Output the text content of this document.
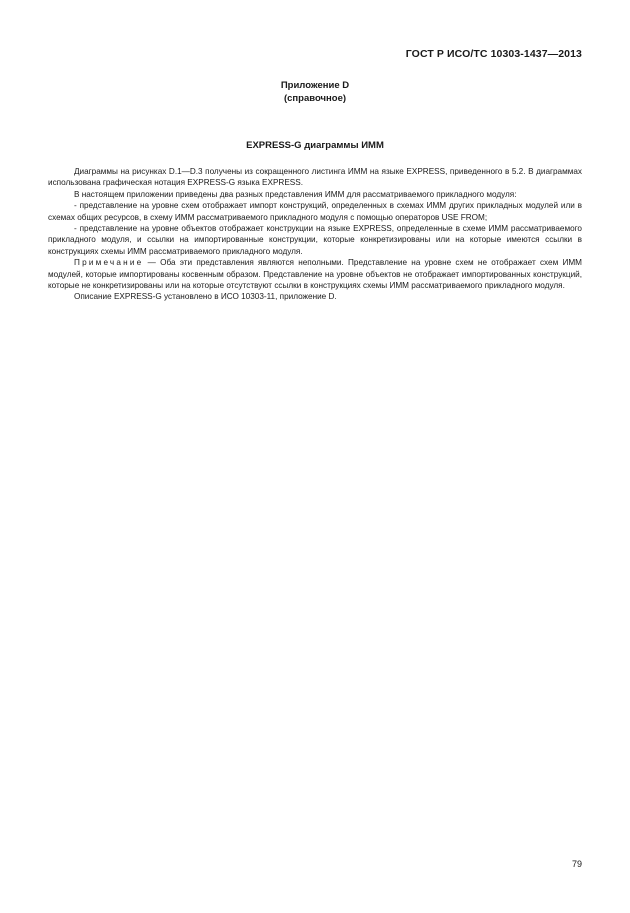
ГОСТ Р ИСО/ТС 10303-1437—2013
Приложение D
(справочное)
EXPRESS-G диаграммы ИММ

Диаграммы на рисунках D.1—D.3 получены из сокращенного листинга ИММ на языке EXPRESS, приведенного в 5.2. В диаграммах использована графическая нотация EXPRESS-G языка EXPRESS.

В настоящем приложении приведены два разных представления ИММ для рассматриваемого прикладного модуля:

- представление на уровне схем отображает импорт конструкций, определенных в схемах ИММ других прикладных модулей или в схемах общих ресурсов, в схему ИММ рассматриваемого прикладного модуля с помощью операторов USE FROM;

- представление на уровне объектов отображает конструкции на языке EXPRESS, определенные в схеме ИММ рассматриваемого прикладного модуля, и ссылки на импортированные конструкции, которые конкретизированы или на которые имеются ссылки в конструкциях схемы ИММ рассматриваемого прикладного модуля.

Примечание — Оба эти представления являются неполными. Представление на уровне схем не отображает схем ИММ модулей, которые импортированы косвенным образом. Представление на уровне объектов не отображает импортированных конструкций, которые не конкретизированы или на которые отсутствуют ссылки в конструкциях схемы ИММ рассматриваемого прикладного модуля.

Описание EXPRESS-G установлено в ИСО 10303-11, приложение D.

79
